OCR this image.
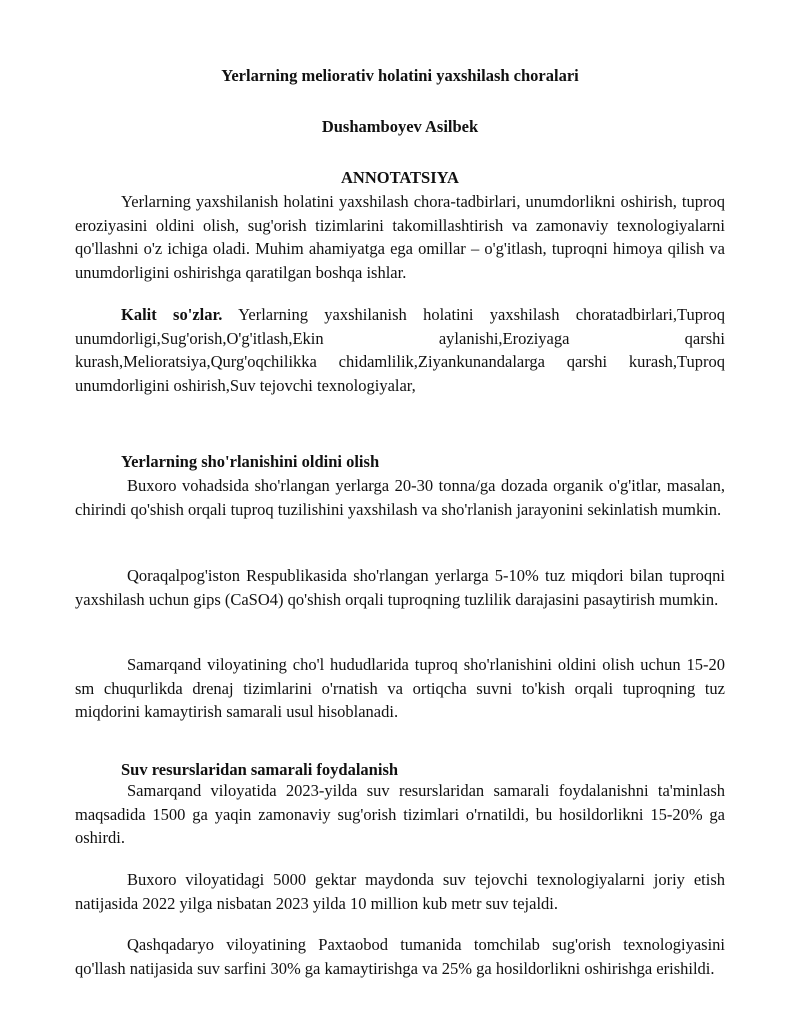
Yerlarning meliorativ holatini yaxshilash choralari
Dushamboyev Asilbek
ANNOTATSIYA

Yerlarning yaxshilanish holatini yaxshilash chora-tadbirlari, unumdorlikni oshirish, tuproq eroziyasini oldini olish, sug'orish tizimlarini takomillashtirish va zamonaviy texnologiyalarni qo'llashni o'z ichiga oladi. Muhim ahamiyatga ega omillar – o'g'itlash, tuproqni himoya qilish va unumdorligini oshirishga qaratilgan boshqa ishlar.

Kalit so'zlar. Yerlarning yaxshilanish holatini yaxshilash choratadbirlari,Tuproq unumdorligi,Sug'orish,O'g'itlash,Ekin aylanishi,Eroziyaga qarshi kurash,Melioratsiya,Qurg'oqchilikka chidamlilik,Ziyankunandalarga qarshi kurash,Tuproq unumdorligini oshirish,Suv tejovchi texnologiyalar,

Yerlarning sho'rlanishini oldini olish

Buxoro vohadsida sho'rlangan yerlarga 20-30 tonna/ga dozada organik o'g'itlar, masalan, chirindi qo'shish orqali tuproq tuzilishini yaxshilash va sho'rlanish jarayonini sekinlatish mumkin.

Qoraqalpog'iston Respublikasida sho'rlangan yerlarga 5-10% tuz miqdori bilan tuproqni yaxshilash uchun gips (CaSO4) qo'shish orqali tuproqning tuzlilik darajasini pasaytirish mumkin.

Samarqand viloyatining cho'l hududlarida tuproq sho'rlanishini oldini olish uchun 15-20 sm chuqurlikda drenaj tizimlarini o'rnatish va ortiqcha suvni to'kish orqali tuproqning tuz miqdorini kamaytirish samarali usul hisoblanadi.

Suv resurslaridan samarali foydalanish

Samarqand viloyatida 2023-yilda suv resurslaridan samarali foydalanishni ta'minlash maqsadida 1500 ga yaqin zamonaviy sug'orish tizimlari o'rnatildi, bu hosildorlikni 15-20% ga oshirdi.

Buxoro viloyatidagi 5000 gektar maydonda suv tejovchi texnologiyalarni joriy etish natijasida 2022 yilga nisbatan 2023 yilda 10 million kub metr suv tejaldi.

Qashqadaryo viloyatining Paxtaobod tumanida tomchilab sug'orish texnologiyasini qo'llash natijasida suv sarfini 30% ga kamaytirishga va 25% ga hosildorlikni oshirishga erishildi.
